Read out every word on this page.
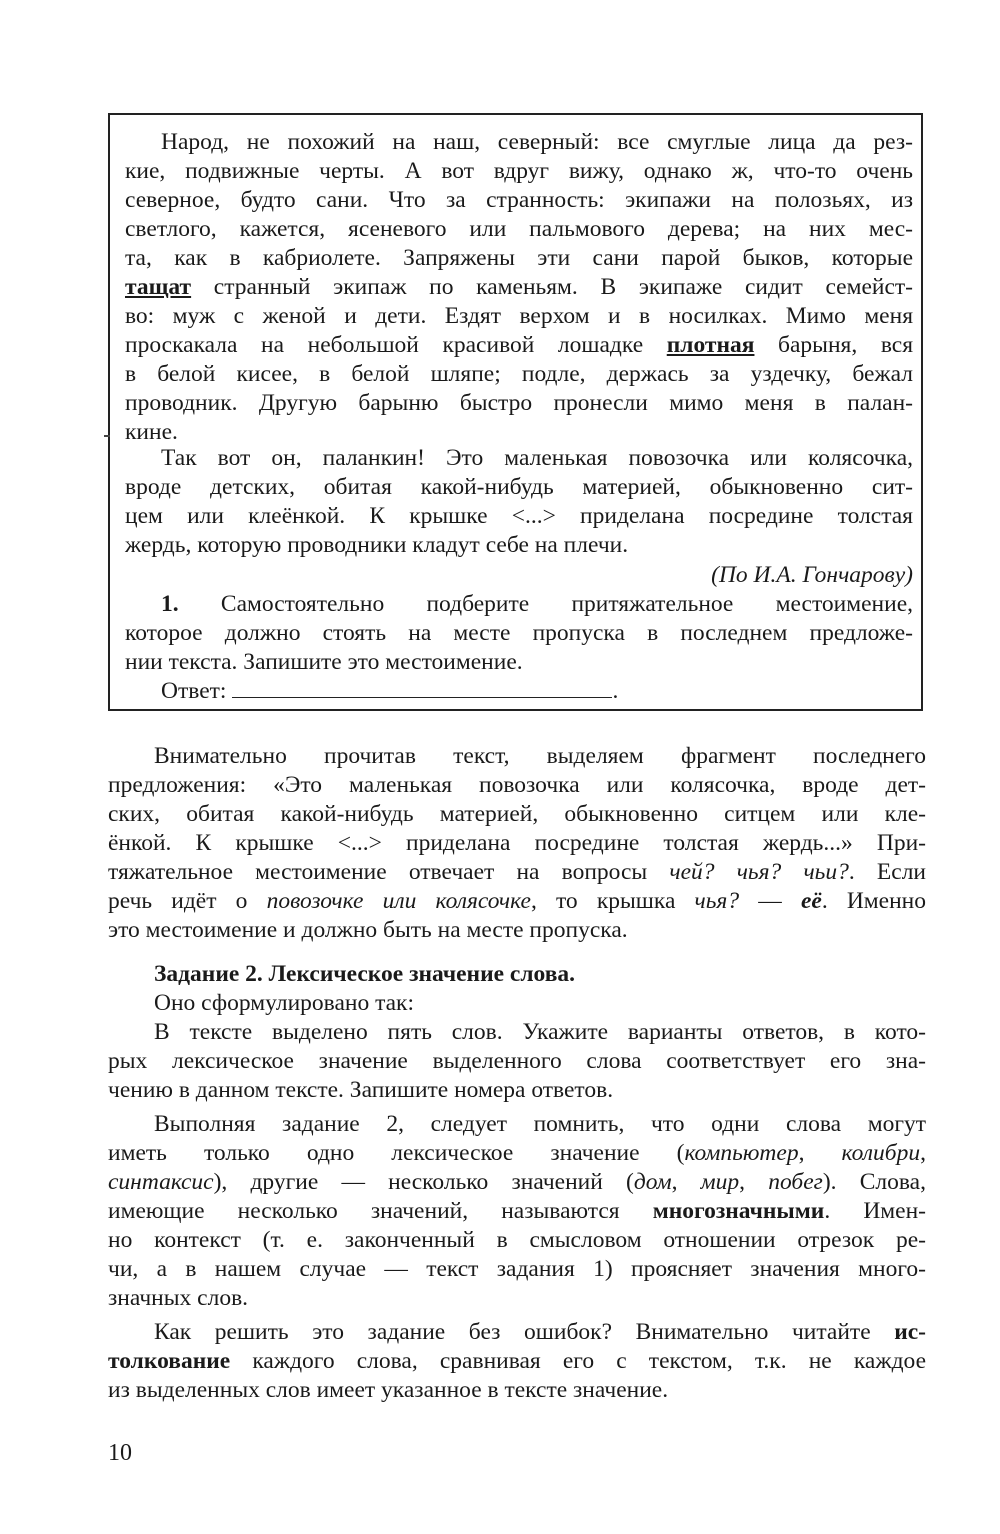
Народ, не похожий на наш, северный: все смуглые лица да рез-
кие, подвижные черты. А вот вдруг вижу, однако ж, что-то очень
северное, будто сани. Что за странность: экипажи на полозьях, из
светлого, кажется, ясеневого или пальмового дерева; на них мес-
та, как в кабриолете. Запряжены эти сани парой быков, которые
тащат странный экипаж по каменьям. В экипаже сидит семейст-
во: муж с женой и дети. Ездят верхом и в носилках. Мимо меня
проскакала на небольшой красивой лошадке плотная барыня, вся
в белой кисее, в белой шляпе; подле, держась за уздечку, бежал
проводник. Другую барыню быстро пронесли мимо меня в палан-
кине.
Так вот он, паланкин! Это маленькая повозочка или колясочка,
вроде детских, обитая какой-нибудь материей, обыкновенно сит-
цем или клеёнкой. К крышке <...> приделана посредине толстая
жердь, которую проводники кладут себе на плечи.
(По И.А. Гончарову)
1. Самостоятельно подберите притяжательное местоимение,
которое должно стоять на месте пропуска в последнем предложе-
нии текста. Запишите это местоимение.
Ответ:	.
Внимательно прочитав текст, выделяем фрагмент последнего
предложения: «Это маленькая повозочка или колясочка, вроде дет-
ских, обитая какой-нибудь материей, обыкновенно ситцем или кле-
ёнкой. К крышке <...> приделана посредине толстая жердь...» При-
тяжательное местоимение отвечает на вопросы чей? чья? чьи?. Если
речь идёт о повозочке или колясочке, то крышка чья? — её. Именно
это местоимение и должно быть на месте пропуска.
Задание 2. Лексическое значение слова.
Оно сформулировано так:
В тексте выделено пять слов. Укажите варианты ответов, в кото-
рых лексическое значение выделенного слова соответствует его зна-
чению в данном тексте. Запишите номера ответов.
Выполняя задание 2, следует помнить, что одни слова могут
иметь только одно лексическое значение (компьютер, колибри,
синтаксис), другие — несколько значений (дом, мир, побег). Слова,
имеющие несколько значений, называются многозначными. Имен-
но контекст (т. е. законченный в смысловом отношении отрезок ре-
чи, а в нашем случае — текст задания 1) проясняет значения много-
значных слов.
Как решить это задание без ошибок? Внимательно читайте ис-
толкование каждого слова, сравнивая его с текстом, т.к. не каждое
из выделенных слов имеет указанное в тексте значение.
10
